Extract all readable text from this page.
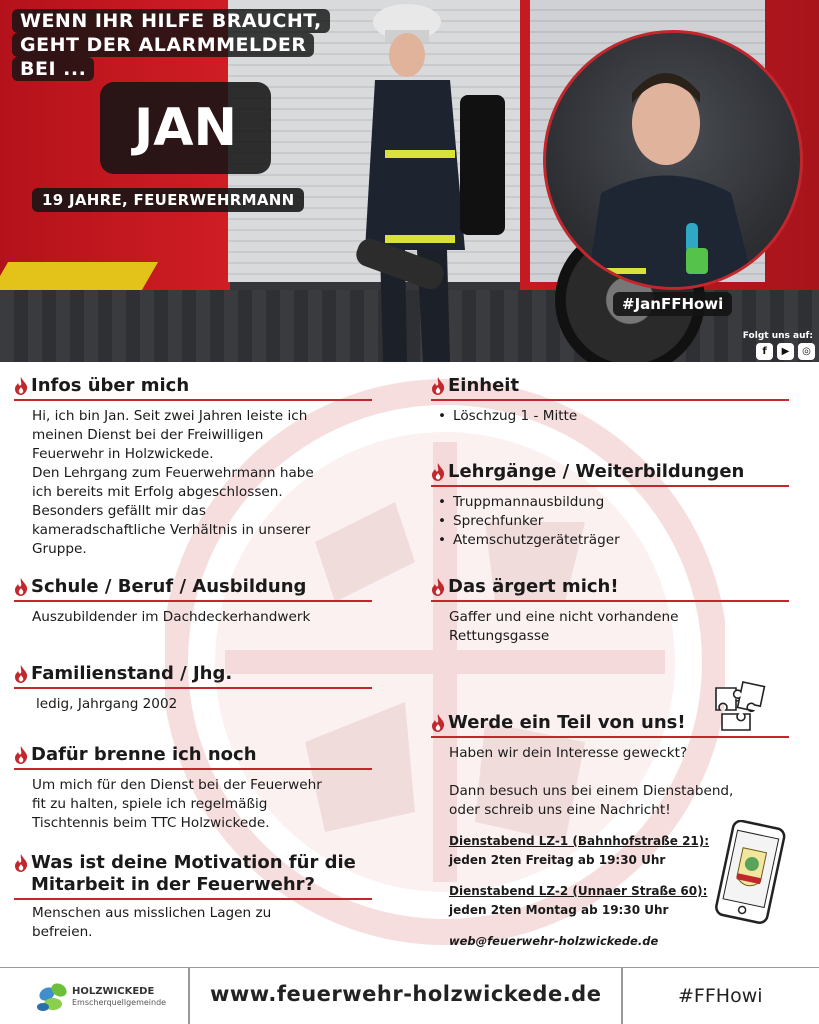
WENN IHR HILFE BRAUCHT,
GEHT DER ALARMMELDER
BEI ...
JAN
19 JAHRE, FEUERWEHRMANN
#JanFFHowi
Folgt uns auf:
f	▶	◎
Infos über mich

Hi, ich bin Jan. Seit zwei Jahren leiste ich

meinen Dienst bei der Freiwilligen

Feuerwehr in Holzwickede.

Den Lehrgang zum Feuerwehrmann habe

ich bereits mit Erfolg abgeschlossen.

Besonders gefällt mir das

kameradschaftliche Verhältnis in unserer

Gruppe.

Schule / Beruf / Ausbildung
Auszubildender im Dachdeckerhandwerk
Familienstand / Jhg.
ledig, Jahrgang 2002
Dafür brenne ich noch

Um mich für den Dienst bei der Feuerwehr

fit zu halten, spiele ich regelmäßig

Tischtennis beim TTC Holzwickede.

Was ist deine Motivation für die
Mitarbeit in der Feuerwehr?

Menschen aus misslichen Lagen zu

befreien.

Einheit
• Löschzug 1 - Mitte
Lehrgänge / Weiterbildungen
• Truppmannausbildung
• Sprechfunker
• Atemschutzgeräteträger
Das ärgert mich!

Gaffer und eine nicht vorhandene

Rettungsgasse

Werde ein Teil von uns!

Haben wir dein Interesse geweckt?

Dann besuch uns bei einem Dienstabend,

oder schreib uns eine Nachricht!

Dienstabend LZ-1 (Bahnhofstraße 21):
jeden 2ten Freitag ab 19:30 Uhr
Dienstabend LZ-2 (Unnaer Straße 60):
jeden 2ten Montag ab 19:30 Uhr
web@feuerwehr-holzwickede.de
HOLZWICKEDE
Emscherquellgemeinde www.feuerwehr-holzwickede.de	#FFHowi
